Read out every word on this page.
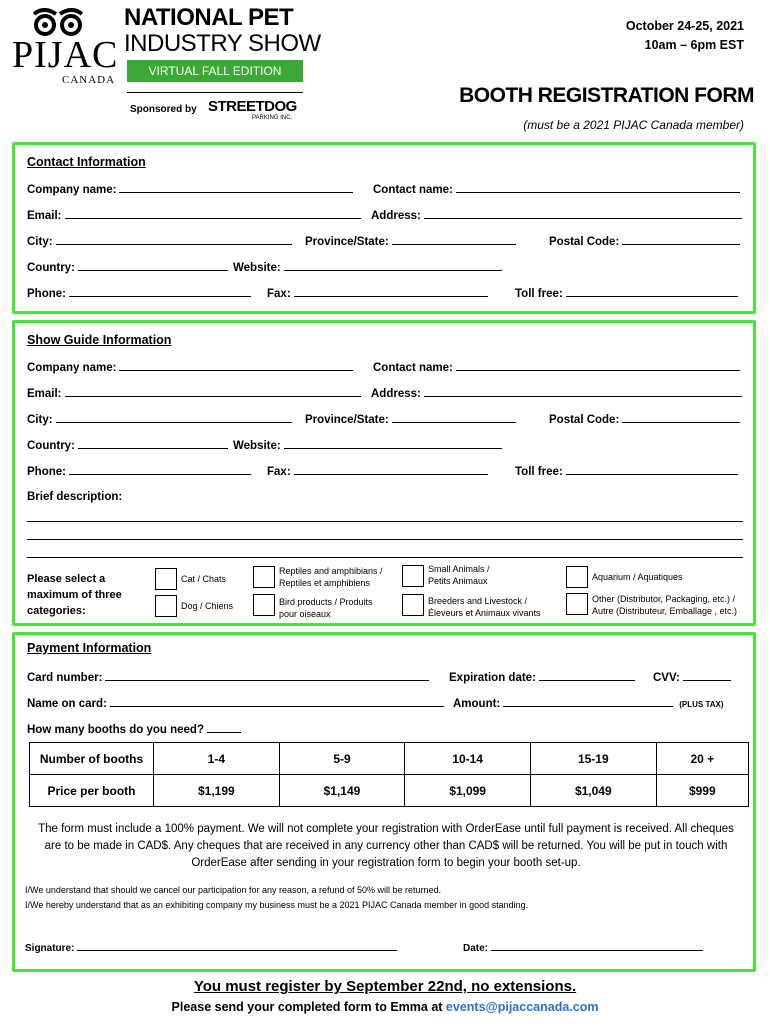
PIJAC
CANADA
NATIONAL PET
INDUSTRY SHOW
VIRTUAL FALL EDITION
Sponsored by STREETDOG
PARKING INC.
October 24-25, 2021
10am – 6pm EST
BOOTH REGISTRATION FORM
(must be a 2021 PIJAC Canada member)
Contact Information
Company name:	Contact name:
Email:	Address:
City:	Province/State:	Postal Code:
Country:	Website:
Phone:	Fax:	Toll free:
Show Guide Information
Company name:	Contact name:
Email:	Address:
City:	Province/State:	Postal Code:
Country:	Website:
Phone:	Fax:	Toll free:
Brief description:
Please select a maximum of three categories:
Cat / Chats
Dog / Chiens
Reptiles and amphibians / Reptiles et amphibiens
Bird products / Produits pour oiseaux
Small Animals / Petits Animaux
Breeders and Livestock / Éleveurs et Animaux vivants
Aquarium / Aquatiques
Other (Distributor, Packaging, etc.) / Autre (Distributeur, Emballage , etc.)
Payment Information
Card number:	Expiration date:	CVV:
Name on card:	Amount:	(PLUS TAX)
How many booths do you need?
Number of booths	1-4	5-9	10-14	15-19	20 +
Price per booth	$1,199	$1,149	$1,099	$1,049	$999
The form must include a 100% payment. We will not complete your registration with OrderEase until full payment is received. All cheques are to be made in CAD$. Any cheques that are received in any currency other than CAD$ will be returned. You will be put in touch with OrderEase after sending in your registration form to begin your booth set-up.
I/We understand that should we cancel our participation for any reason, a refund of 50% will be returned.
I/We hereby understand that as an exhibiting company my business must be a 2021 PIJAC Canada member in good standing.
Signature:	Date:
You must register by September 22nd, no extensions.
Please send your completed form to Emma at events@pijaccanada.com
